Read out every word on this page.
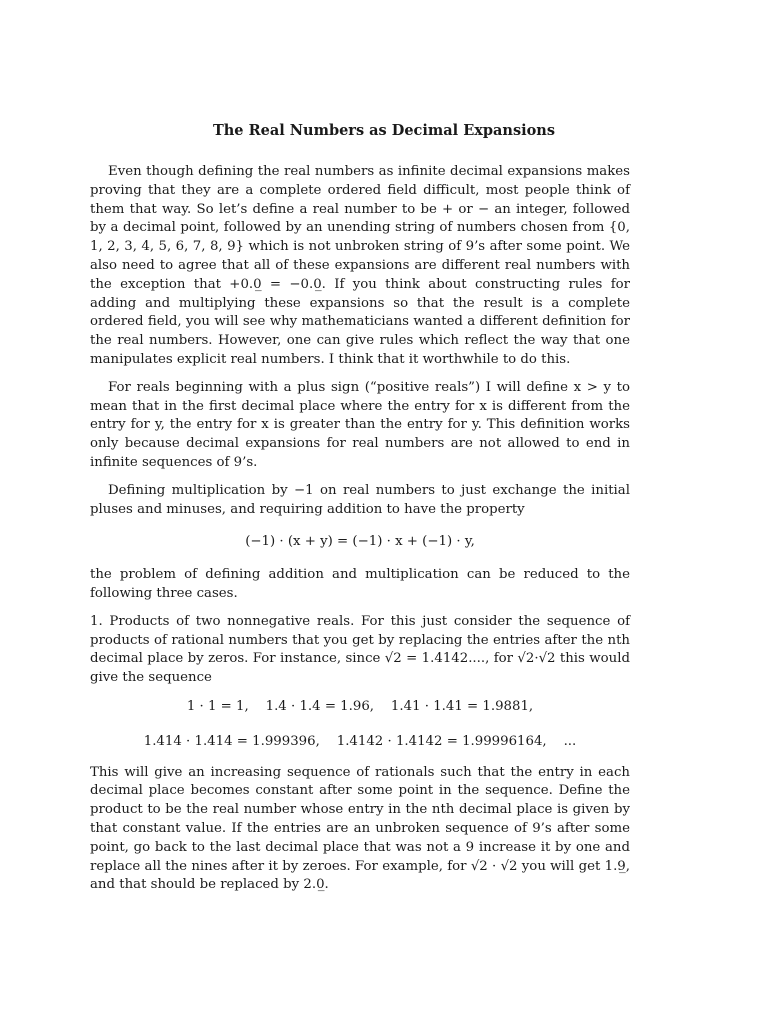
The Real Numbers as Decimal Expansions

Even though defining the real numbers as infinite decimal expansions makes proving that they are a complete ordered field difficult, most people think of them that way. So let’s define a real number to be + or − an integer, followed by a decimal point, followed by an unending string of numbers chosen from {0, 1, 2, 3, 4, 5, 6, 7, 8, 9} which is not unbroken string of 9’s after some point. We also need to agree that all of these expansions are different real numbers with the exception that +0.0̲ = −0.0̲. If you think about constructing rules for adding and multiplying these expansions so that the result is a complete ordered field, you will see why mathematicians wanted a different definition for the real numbers. However, one can give rules which reflect the way that one manipulates explicit real numbers. I think that it worthwhile to do this.

For reals beginning with a plus sign (“positive reals”) I will define x > y to mean that in the first decimal place where the entry for x is different from the entry for y, the entry for x is greater than the entry for y. This definition works only because decimal expansions for real numbers are not allowed to end in infinite sequences of 9’s.

Defining multiplication by −1 on real numbers to just exchange the initial pluses and minuses, and requiring addition to have the property

(−1) · (x + y) = (−1) · x + (−1) · y,

the problem of defining addition and multiplication can be reduced to the following three cases.

1. Products of two nonnegative reals. For this just consider the sequence of products of rational numbers that you get by replacing the entries after the nth decimal place by zeros. For instance, since √2 = 1.4142...., for √2·√2 this would give the sequence

1 · 1 = 1,    1.4 · 1.4 = 1.96,    1.41 · 1.41 = 1.9881,
1.414 · 1.414 = 1.999396,    1.4142 · 1.4142 = 1.99996164,    ...

This will give an increasing sequence of rationals such that the entry in each decimal place becomes constant after some point in the sequence. Define the product to be the real number whose entry in the nth decimal place is given by that constant value. If the entries are an unbroken sequence of 9’s after some point, go back to the last decimal place that was not a 9 increase it by one and replace all the nines after it by zeroes. For example, for √2 · √2 you will get 1.9̲, and that should be replaced by 2.0̲.
